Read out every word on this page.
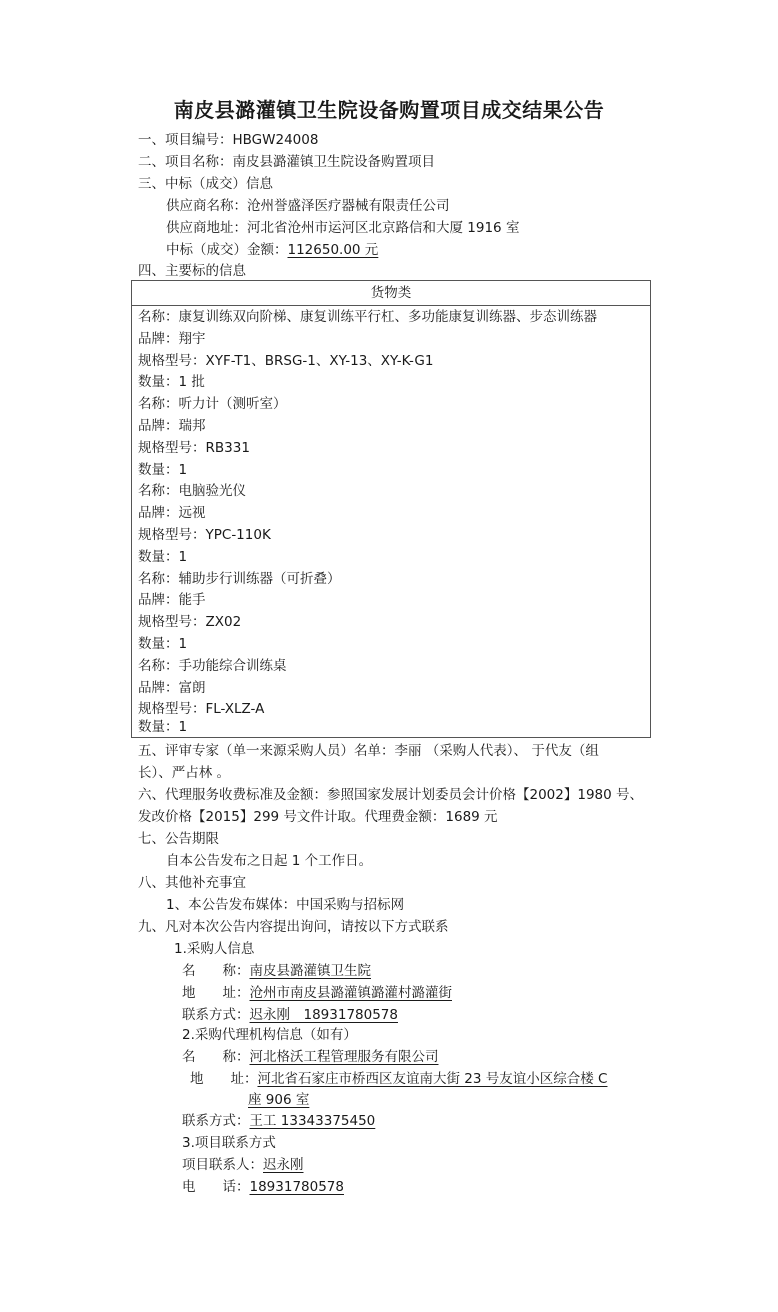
南皮县潞灌镇卫生院设备购置项目成交结果公告
一、项目编号：HBGW24008
二、项目名称：南皮县潞灌镇卫生院设备购置项目
三、中标（成交）信息
供应商名称：沧州誉盛泽医疗器械有限责任公司
供应商地址：河北省沧州市运河区北京路信和大厦 1916 室
中标（成交）金额：112650.00 元
四、主要标的信息
货物类
名称：康复训练双向阶梯、康复训练平行杠、多功能康复训练器、步态训练器
品牌：翔宇
规格型号：XYF-T1、BRSG-1、XY-13、XY-K-G1
数量：1 批
名称：听力计（测听室）
品牌：瑞邦
规格型号：RB331
数量：1
名称：电脑验光仪
品牌：远视
规格型号：YPC-110K
数量：1
名称：辅助步行训练器（可折叠）
品牌：能手
规格型号：ZX02
数量：1
名称：手功能综合训练桌
品牌：富朗
规格型号：FL-XLZ-A
数量：1
五、评审专家（单一来源采购人员）名单：李丽 （采购人代表）、 于代友（组
长）、严占林 。
六、代理服务收费标准及金额：参照国家发展计划委员会计价格【2002】1980 号、
发改价格【2015】299 号文件计取。代理费金额：1689 元
七、公告期限
自本公告发布之日起 1 个工作日。
八、其他补充事宜
1、本公告发布媒体：中国采购与招标网
九、凡对本次公告内容提出询问，请按以下方式联系
1.采购人信息
名　　称：南皮县潞灌镇卫生院
地　　址：沧州市南皮县潞灌镇潞灌村潞灌街
联系方式：迟永刚　18931780578
2.采购代理机构信息（如有）
名　　称：河北格沃工程管理服务有限公司
地　　址：河北省石家庄市桥西区友谊南大街 23 号友谊小区综合楼 C
座 906 室
联系方式：王工 13343375450
3.项目联系方式
项目联系人：迟永刚
电　　话：18931780578
